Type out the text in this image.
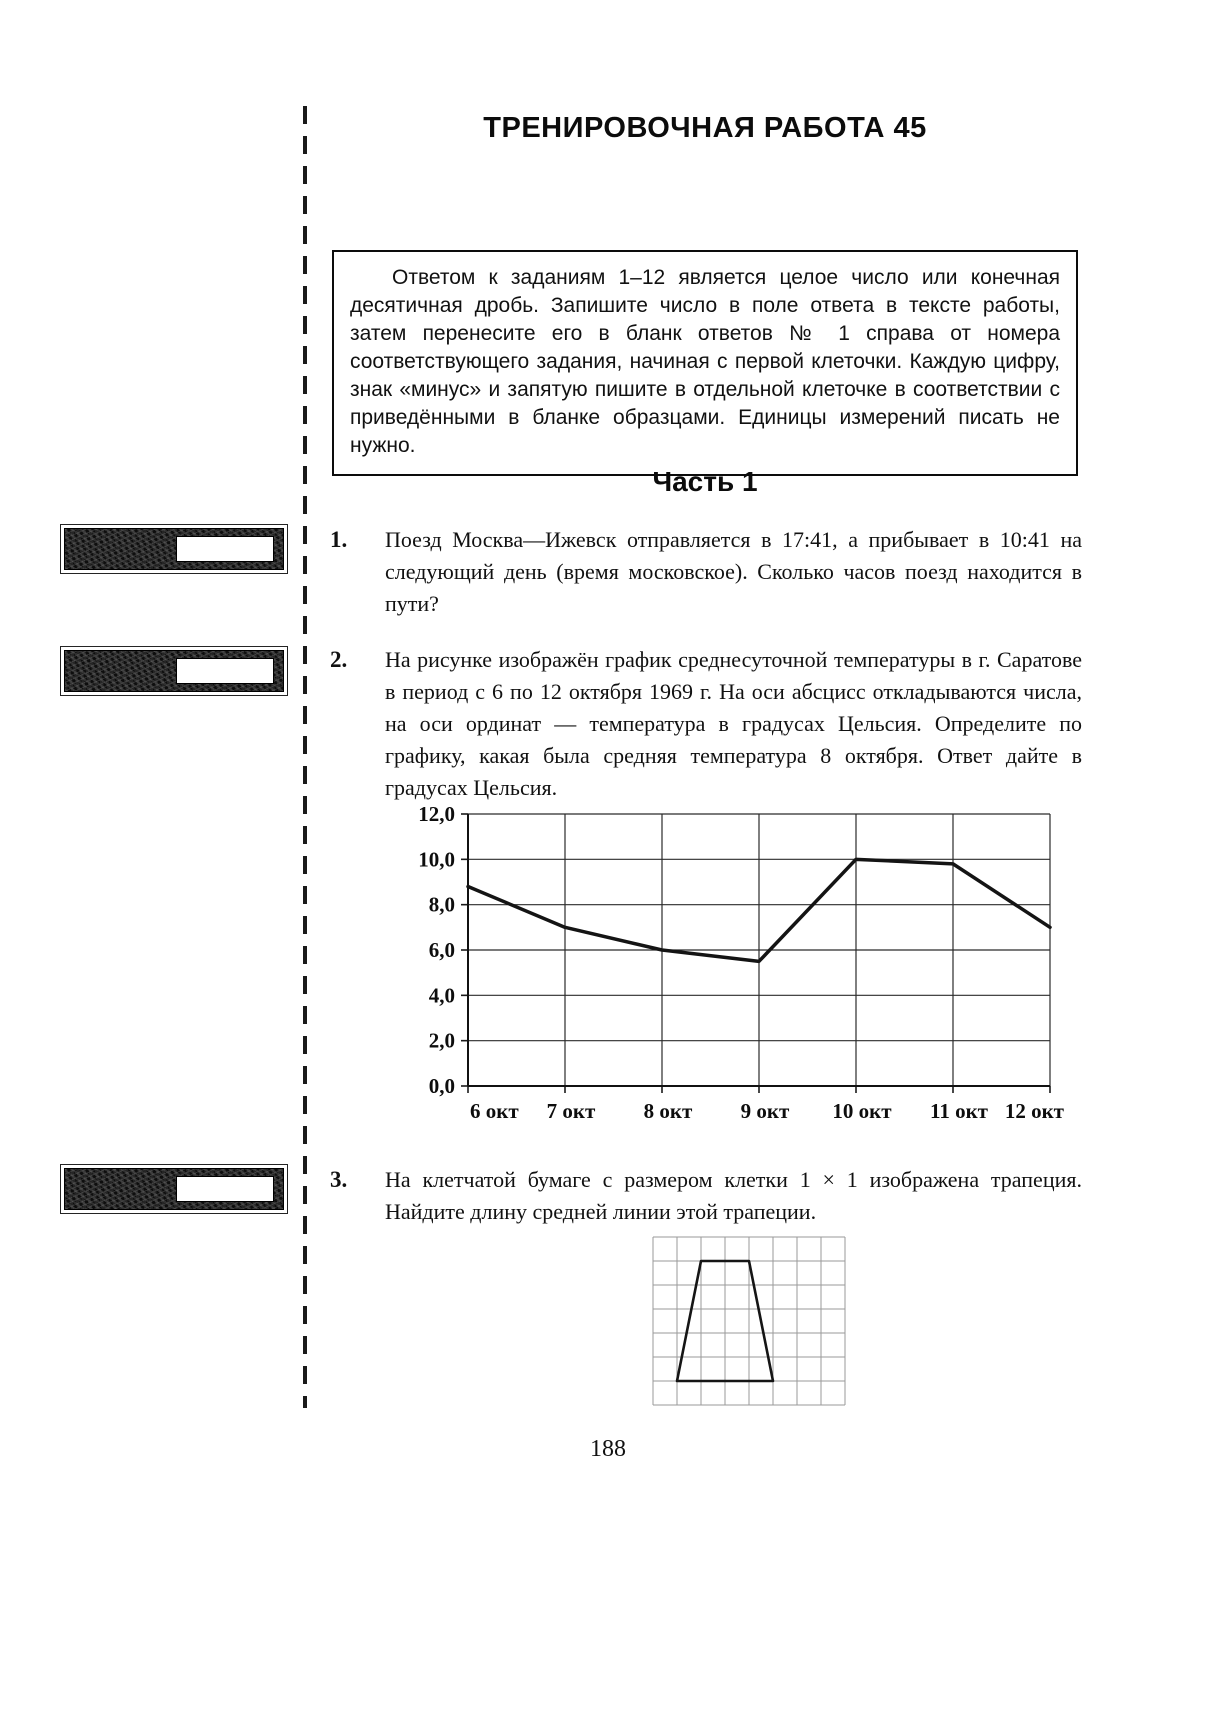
ТРЕНИРОВОЧНАЯ РАБОТА 45

Ответом к заданиям 1–12 является целое число или конечная десятичная дробь. Запишите число в поле ответа в тексте работы, затем перенесите его в бланк ответов № 1 справа от номера соответствующего задания, начиная с первой клеточки. Каждую цифру, знак «минус» и запятую пишите в отдельной клеточке в соответствии с приведёнными в бланке образцами. Единицы измерений писать не нужно.

Часть 1
1.	Поезд Москва—Ижевск отправляется в 17:41, а прибывает в 10:41 на следующий день (время московское). Сколько часов поезд находится в пути?

2.	На рисунке изображён график среднесуточной температуры в г. Саратове в период с 6 по 12 октября 1969 г. На оси абсцисс откладываются числа, на оси ординат — температура в градусах Цельсия. Определите по графику, какая была средняя температура 8 октября. Ответ дайте в градусах Цельсия.

0,0
2,0
4,0
6,0
8,0
10,0
12,0
6 окт 7 окт 8 окт 9 окт 10 окт 11 окт 12 окт
3.	На клетчатой бумаге с размером клетки 1 × 1 изображена трапеция. Найдите длину средней линии этой трапеции.

188
